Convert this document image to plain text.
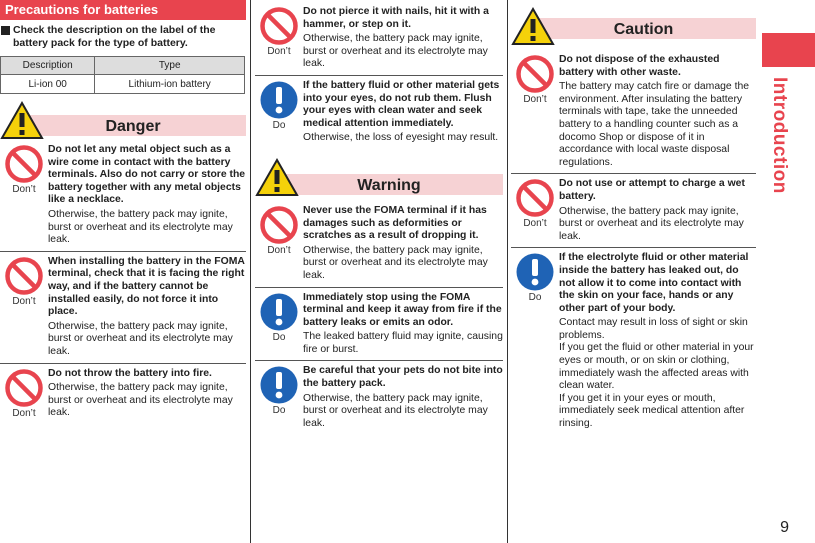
Precautions for batteries
Check the description on the label of the battery pack for the type of battery.
Description	Type
Li-ion 00	Lithium-ion battery
Danger
Don’t
Do not let any metal object such as a wire come in contact with the battery terminals. Also do not carry or store the battery together with any metal objects like a necklace.
Otherwise, the battery pack may ignite, burst or overheat and its electrolyte may leak.
Don’t
When installing the battery in the FOMA terminal, check that it is facing the right way, and if the battery cannot be installed easily, do not force it into place.
Otherwise, the battery pack may ignite, burst or overheat and its electrolyte may leak.
Don’t
Do not throw the battery into fire.
Otherwise, the battery pack may ignite, burst or overheat and its electrolyte may leak.
Don’t
Do not pierce it with nails, hit it with a hammer, or step on it.
Otherwise, the battery pack may ignite, burst or overheat and its electrolyte may leak.
Do
If the battery fluid or other material gets into your eyes, do not rub them. Flush your eyes with clean water and seek medical attention immediately.
Otherwise, the loss of eyesight may result.
Warning
Don’t
Never use the FOMA terminal if it has damages such as deformities or scratches as a result of dropping it.
Otherwise, the battery pack may ignite, burst or overheat and its electrolyte may leak.
Do
Immediately stop using the FOMA terminal and keep it away from fire if the battery leaks or emits an odor.
The leaked battery fluid may ignite, causing fire or burst.
Do
Be careful that your pets do not bite into the battery pack.
Otherwise, the battery pack may ignite, burst or overheat and its electrolyte may leak.
Caution
Don’t
Do not dispose of the exhausted battery with other waste.
The battery may catch fire or damage the environment. After insulating the battery terminals with tape, take the unneeded battery to a handling counter such as a docomo Shop or dispose of it in accordance with local waste disposal regulations.
Don’t
Do not use or attempt to charge a wet battery.
Otherwise, the battery pack may ignite, burst or overheat and its electrolyte may leak.
Do
If the electrolyte fluid or other material inside the battery has leaked out, do not allow it to come into contact with the skin on your face, hands or any other part of your body.
Contact may result in loss of sight or skin problems.
If you get the fluid or other material in your eyes or mouth, or on skin or clothing, immediately wash the affected areas with clean water.
If you get it in your eyes or mouth, immediately seek medical attention after rinsing.
Introduction
9
